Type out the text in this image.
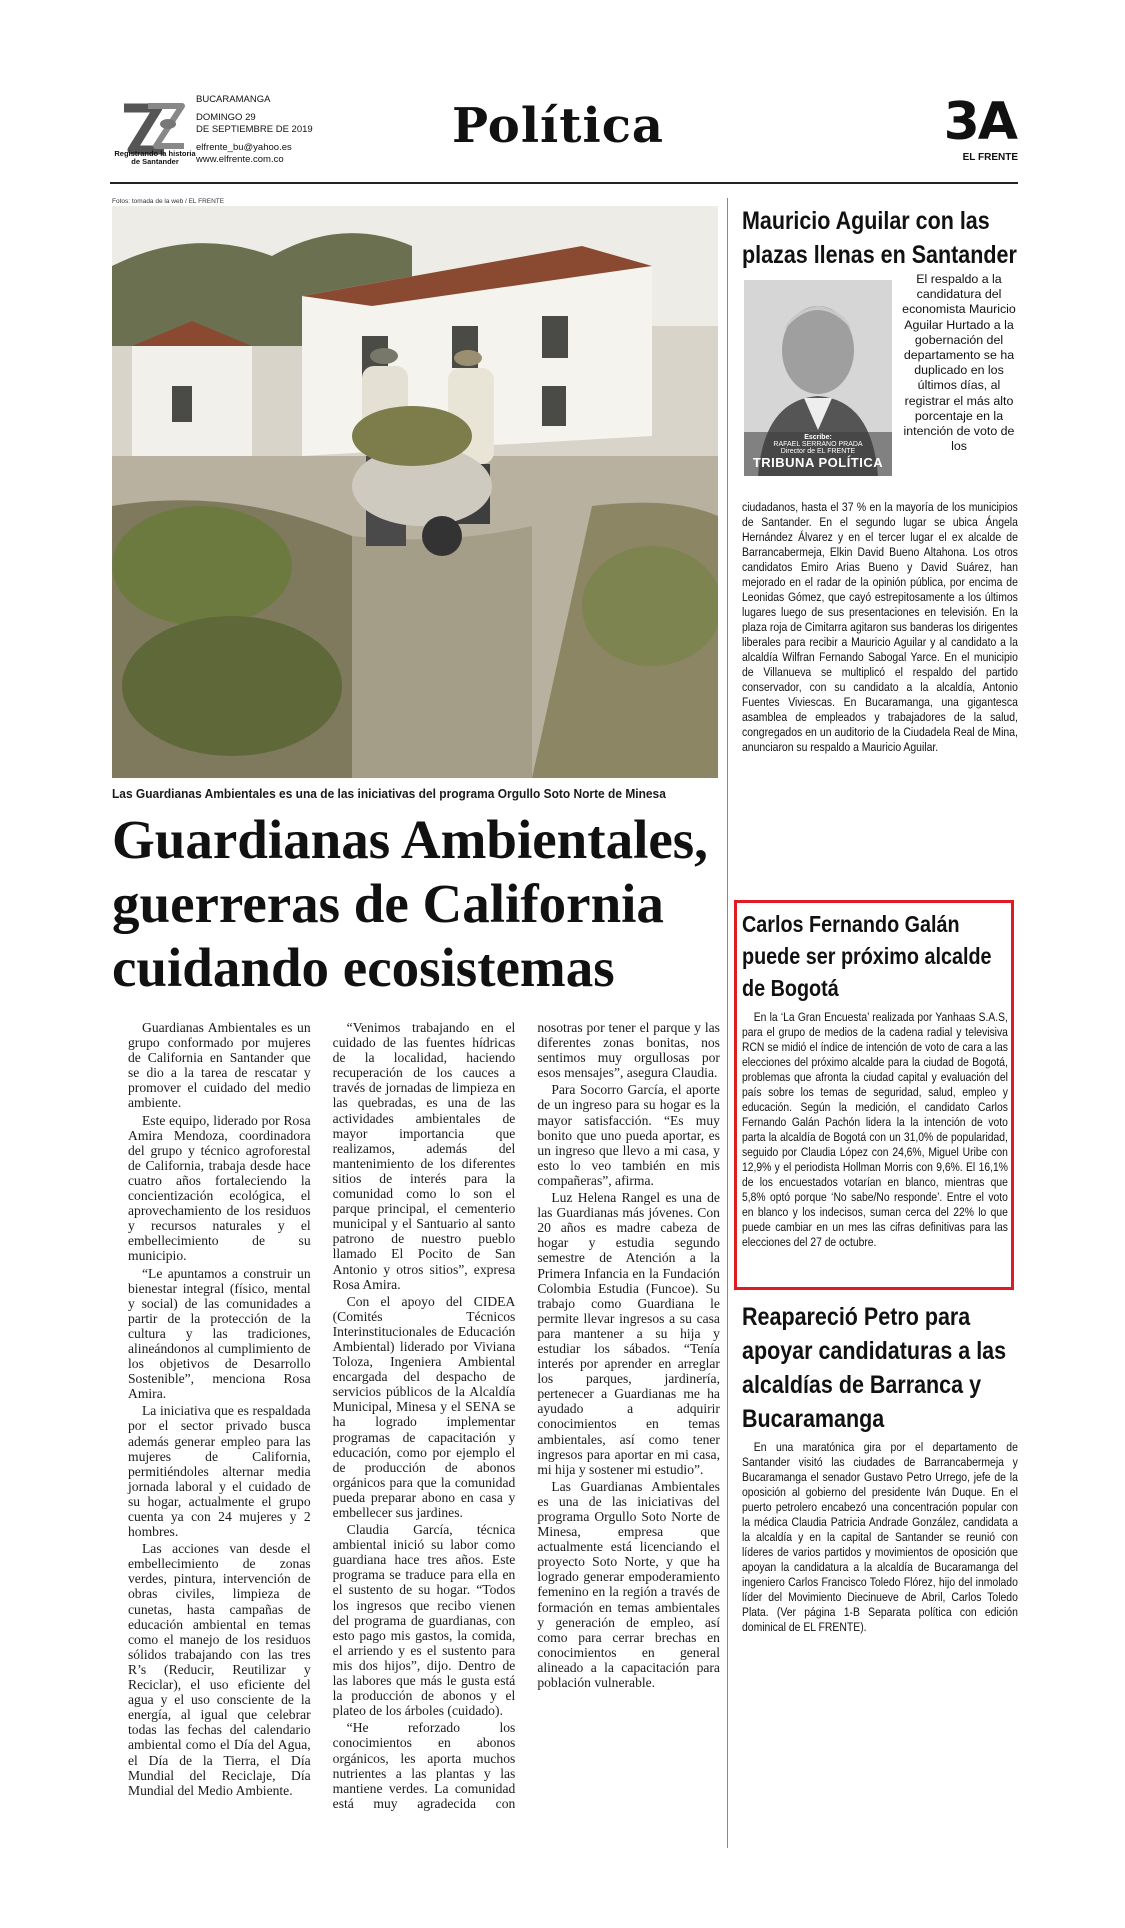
Registrando la historia de Santander
BUCARAMANGA
DOMINGO 29
DE SEPTIEMBRE DE 2019
elfrente_bu@yahoo.es
www.elfrente.com.co
Política	3A
EL FRENTE
Fotos: tomada de la web / EL FRENTE
Las Guardianas Ambientales es una de las iniciativas del programa Orgullo Soto Norte de Minesa
Guardianas Ambientales, guerreras de California cuidando ecosistemas

Guardianas Ambientales es un grupo conformado por mujeres de California en Santander que se dio a la tarea de rescatar y promover el cuidado del medio ambiente.

Este equipo, liderado por Rosa Amira Mendoza, coordinadora del grupo y técnico agroforestal de California, trabaja desde hace cuatro años fortaleciendo la concientización ecológica, el aprovechamiento de los residuos y recursos naturales y el embellecimiento de su municipio.

“Le apuntamos a construir un bienestar integral (físico, mental y social) de las comunidades a partir de la protección de la cultura y las tradiciones, alineándonos al cumplimiento de los objetivos de Desarrollo Sostenible”, menciona Rosa Amira.

La iniciativa que es respaldada por el sector privado busca además generar empleo para las mujeres de California, permitiéndoles alternar media jornada laboral y el cuidado de su hogar, actualmente el grupo cuenta ya con 24 mujeres y 2 hombres.

Las acciones van desde el embellecimiento de zonas verdes, pintura, intervención de obras civiles, limpieza de cunetas, hasta campañas de educación ambiental en temas como el manejo de los residuos sólidos trabajando con las tres R’s (Reducir, Reutilizar y Reciclar), el uso eficiente del agua y el uso consciente de la energía, al igual que celebrar todas las fechas del calendario ambiental como el Día del Agua, el Día de la Tierra, el Día Mundial del Reciclaje, Día Mundial del Medio Ambiente.

“Venimos trabajando en el cuidado de las fuentes hídricas de la localidad, haciendo recuperación de los cauces a través de jornadas de limpieza en las quebradas, es una de las actividades ambientales de mayor importancia que realizamos, además del mantenimiento de los diferentes sitios de interés para la comunidad como lo son el parque principal, el cementerio municipal y el Santuario al santo patrono de nuestro pueblo llamado El Pocito de San Antonio y otros sitios”, expresa Rosa Amira.

Con el apoyo del CIDEA (Comités Técnicos Interinstitucionales de Educación Ambiental) liderado por Viviana Toloza, Ingeniera Ambiental encargada del despacho de servicios públicos de la Alcaldía Municipal, Minesa y el SENA se ha logrado implementar programas de capacitación y educación, como por ejemplo el de producción de abonos orgánicos para que la comunidad pueda preparar abono en casa y embellecer sus jardines.

Claudia García, técnica ambiental inició su labor como guardiana hace tres años. Este programa se traduce para ella en el sustento de su hogar. “Todos los ingresos que recibo vienen del programa de guardianas, con esto pago mis gastos, la comida, el arriendo y es el sustento para mis dos hijos”, dijo. Dentro de las labores que más le gusta está la producción de abonos y el plateo de los árboles (cuidado).

“He reforzado los conocimientos en abonos orgánicos, les aporta muchos nutrientes a las plantas y las mantiene verdes. La comunidad está muy agradecida con nosotras por tener el parque y las diferentes zonas bonitas, nos sentimos muy orgullosas por esos mensajes”, asegura Claudia.

Para Socorro García, el aporte de un ingreso para su hogar es la mayor satisfacción. “Es muy bonito que uno pueda aportar, es un ingreso que llevo a mi casa, y esto lo veo también en mis compañeras”, afirma.

Luz Helena Rangel es una de las Guardianas más jóvenes. Con 20 años es madre cabeza de hogar y estudia segundo semestre de Atención a la Primera Infancia en la Fundación Colombia Estudia (Funcoe). Su trabajo como Guardiana le permite llevar ingresos a su casa para mantener a su hija y estudiar los sábados. “Tenía interés por aprender en arreglar los parques, jardinería, pertenecer a Guardianas me ha ayudado a adquirir conocimientos en temas ambientales, así como tener ingresos para aportar en mi casa, mi hija y sostener mi estudio”.

Las Guardianas Ambientales es una de las iniciativas del programa Orgullo Soto Norte de Minesa, empresa que actualmente está licenciando el proyecto Soto Norte, y que ha logrado generar empoderamiento femenino en la región a través de formación en temas ambientales y generación de empleo, así como para cerrar brechas en conocimientos en general alineado a la capacitación para población vulnerable.

Mauricio Aguilar con las plazas llenas en Santander
Escribe:
RAFAEL SERRANO PRADA
Director de EL FRENTE
TRIBUNA POLÍTICA
El respaldo a la candidatura del economista Mauricio Aguilar Hurtado a la gobernación del departamento se ha duplicado en los últimos días, al registrar el más alto porcentaje en la intención de voto de los
ciudadanos, hasta el 37 % en la mayoría de los municipios de Santander. En el segundo lugar se ubica Ángela Hernández Álvarez y en el tercer lugar el ex alcalde de Barrancabermeja, Elkin David Bueno Altahona. Los otros candidatos Emiro Arias Bueno y David Suárez, han mejorado en el radar de la opinión pública, por encima de Leonidas Gómez, que cayó estrepitosamente a los últimos lugares luego de sus presentaciones en televisión. En la plaza roja de Cimitarra agitaron sus banderas los dirigentes liberales para recibir a Mauricio Aguilar y al candidato a la alcaldía Wilfran Fernando Sabogal Yarce. En el municipio de Villanueva se multiplicó el respaldo del partido conservador, con su candidato a la alcaldía, Antonio Fuentes Viviescas. En Bucaramanga, una gigantesca asamblea de empleados y trabajadores de la salud, congregados en un auditorio de la Ciudadela Real de Mina, anunciaron su respaldo a Mauricio Aguilar.
Carlos Fernando Galán puede ser próximo alcalde de Bogotá

En la ‘La Gran Encuesta’ realizada por Yanhaas S.A.S, para el grupo de medios de la cadena radial y televisiva RCN se midió el índice de intención de voto de cara a las elecciones del próximo alcalde para la ciudad de Bogotá, problemas que afronta la ciudad capital y evaluación del país sobre los temas de seguridad, salud, empleo y educación. Según la medición, el candidato Carlos Fernando Galán Pachón lidera la la intención de voto parta la alcaldía de Bogotá con un 31,0% de popularidad, seguido por Claudia López con 24,6%, Miguel Uribe con 12,9% y el periodista Hollman Morris con 9,6%. El 16,1% de los encuestados votarían en blanco, mientras que 5,8% optó porque ‘No sabe/No responde’. Entre el voto en blanco y los indecisos, suman cerca del 22% lo que puede cambiar en un mes las cifras definitivas para las elecciones del 27 de octubre.

Reapareció Petro para apoyar candidaturas a las alcaldías de Barranca y Bucaramanga

En una maratónica gira por el departamento de Santander visitó las ciudades de Barrancabermeja y Bucaramanga el senador Gustavo Petro Urrego, jefe de la oposición al gobierno del presidente Iván Duque. En el puerto petrolero encabezó una concentración popular con la médica Claudia Patricia Andrade González, candidata a la alcaldía y en la capital de Santander se reunió con líderes de varios partidos y movimientos de oposición que apoyan la candidatura a la alcaldía de Bucaramanga del ingeniero Carlos Francisco Toledo Flórez, hijo del inmolado líder del Movimiento Diecinueve de Abril, Carlos Toledo Plata. (Ver página 1-B Separata política con edición dominical de EL FRENTE).
